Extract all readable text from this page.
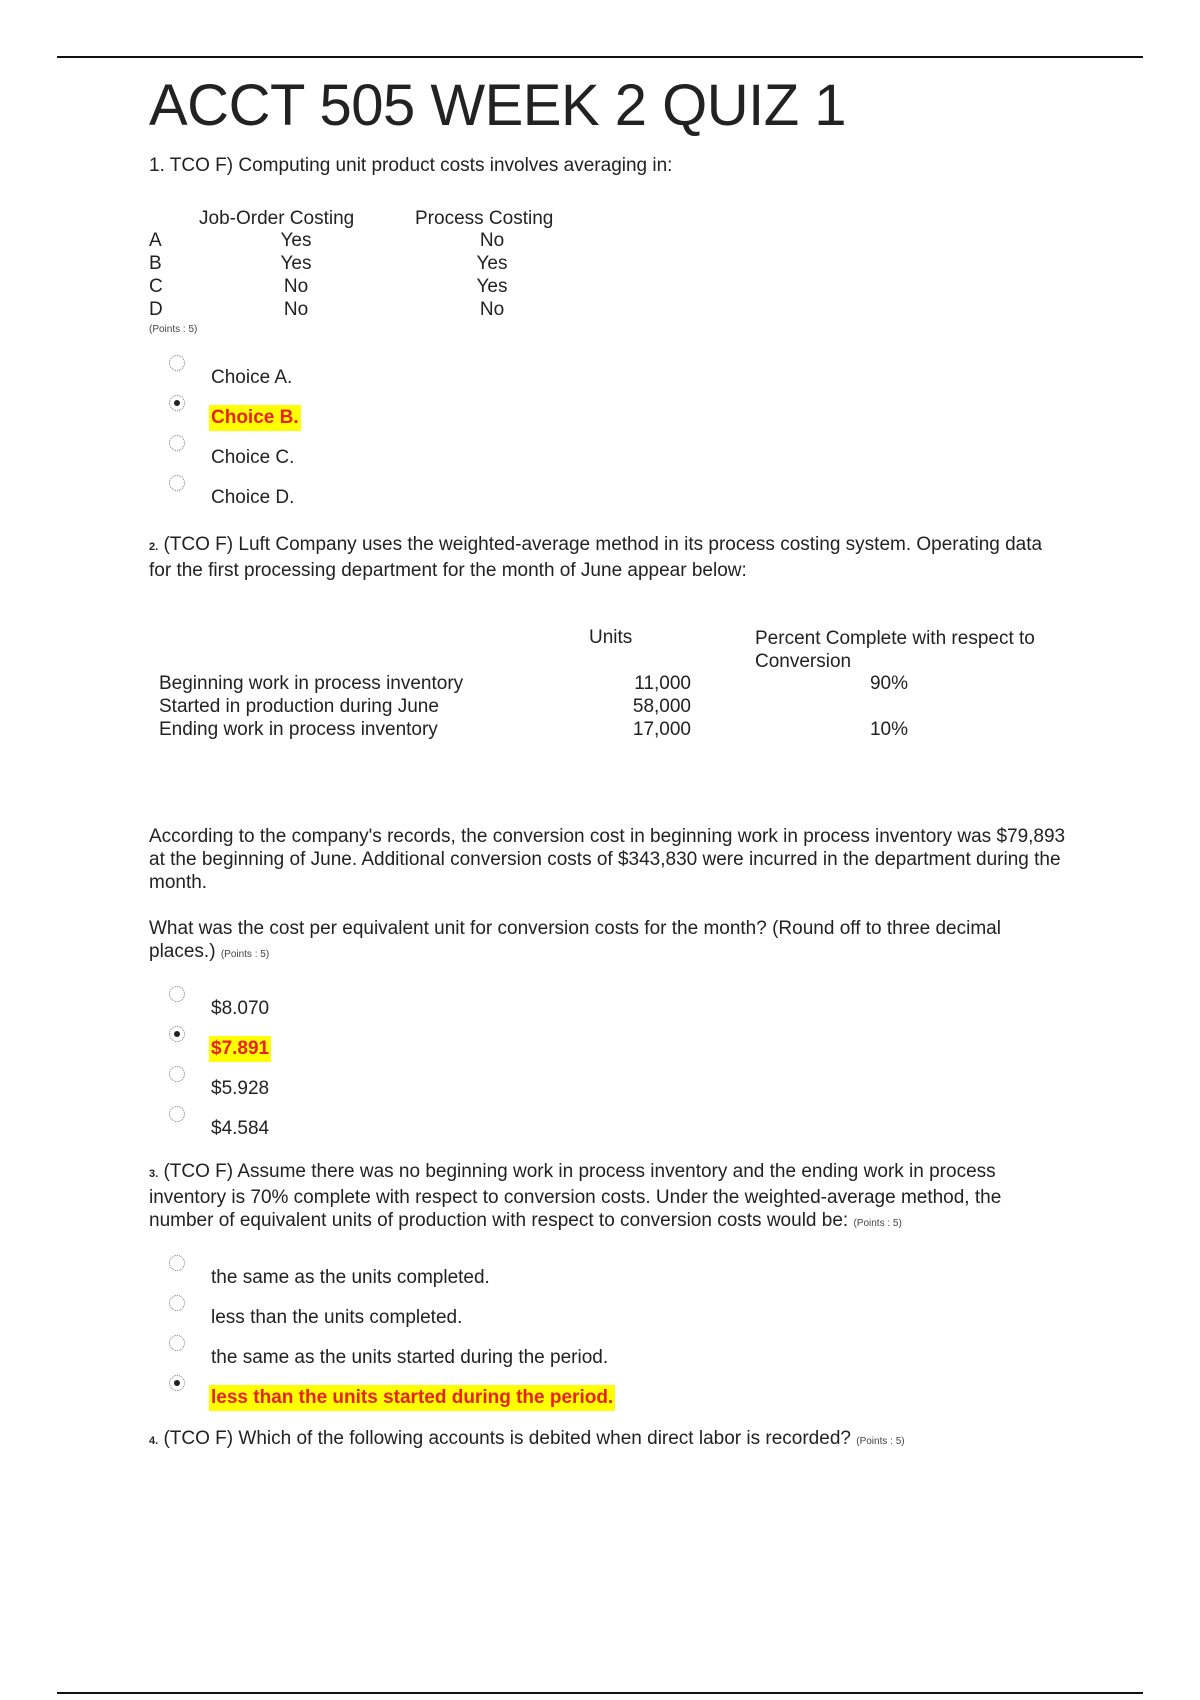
ACCT 505 WEEK 2 QUIZ 1
1. TCO F) Computing unit product costs involves averaging in:
Job-Order Costing	Process Costing
A	Yes	No
B	Yes	Yes
C	No	Yes
D	No	No
(Points : 5)
Choice A.
Choice B.
Choice C.
Choice D.
2. (TCO F) Luft Company uses the weighted-average method in its process costing system. Operating data for the first processing department for the month of June appear below:
Units	Percent Complete with respect to Conversion
Beginning work in process inventory	11,000	90%
Started in production during June	58,000
Ending work in process inventory	17,000	10%

According to the company's records, the conversion cost in beginning work in process inventory was $79,893 at the beginning of June. Additional conversion costs of $343,830 were incurred in the department during the month.

What was the cost per equivalent unit for conversion costs for the month? (Round off to three decimal places.) (Points : 5)

$8.070
$7.891
$5.928
$4.584
3. (TCO F) Assume there was no beginning work in process inventory and the ending work in process inventory is 70% complete with respect to conversion costs. Under the weighted-average method, the number of equivalent units of production with respect to conversion costs would be: (Points : 5)
the same as the units completed.
less than the units completed.
the same as the units started during the period.
less than the units started during the period.
4. (TCO F) Which of the following accounts is debited when direct labor is recorded? (Points : 5)
